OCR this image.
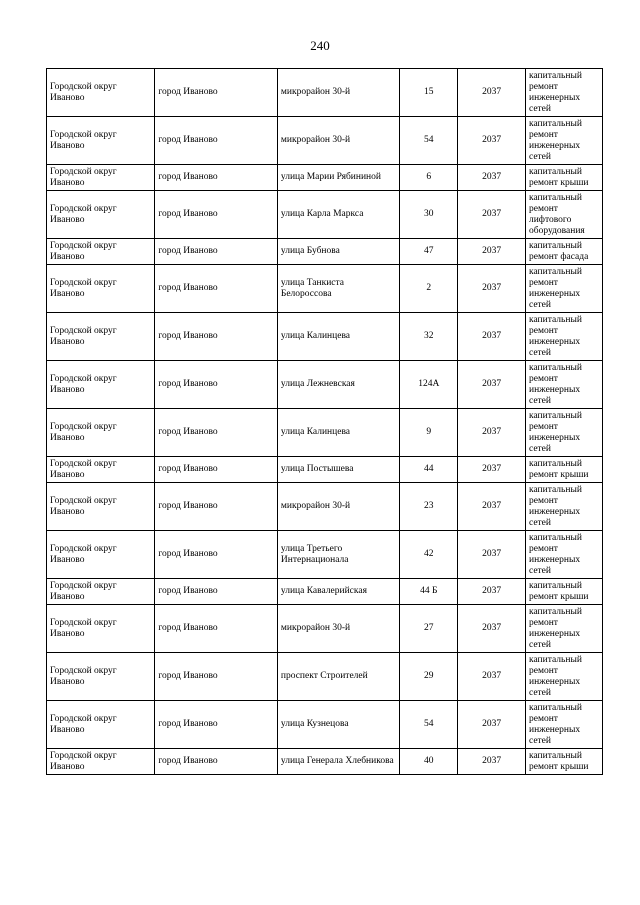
240
Городской округ Иваново	город Иваново	микрорайон 30-й	15	2037	капитальный ремонт инженерных сетей
Городской округ Иваново	город Иваново	микрорайон 30-й	54	2037	капитальный ремонт инженерных сетей
Городской округ Иваново	город Иваново	улица Марии Рябининой	6	2037	капитальный ремонт крыши
Городской округ Иваново	город Иваново	улица Карла Маркса	30	2037	капитальный ремонт лифтового оборудования
Городской округ Иваново	город Иваново	улица Бубнова	47	2037	капитальный ремонт фасада
Городской округ Иваново	город Иваново	улица Танкиста Белороссова	2	2037	капитальный ремонт инженерных сетей
Городской округ Иваново	город Иваново	улица Калинцева	32	2037	капитальный ремонт инженерных сетей
Городской округ Иваново	город Иваново	улица Лежневская	124А	2037	капитальный ремонт инженерных сетей
Городской округ Иваново	город Иваново	улица Калинцева	9	2037	капитальный ремонт инженерных сетей
Городской округ Иваново	город Иваново	улица Постышева	44	2037	капитальный ремонт крыши
Городской округ Иваново	город Иваново	микрорайон 30-й	23	2037	капитальный ремонт инженерных сетей
Городской округ Иваново	город Иваново	улица Третьего Интернационала	42	2037	капитальный ремонт инженерных сетей
Городской округ Иваново	город Иваново	улица Кавалерийская	44 Б	2037	капитальный ремонт крыши
Городской округ Иваново	город Иваново	микрорайон 30-й	27	2037	капитальный ремонт инженерных сетей
Городской округ Иваново	город Иваново	проспект Строителей	29	2037	капитальный ремонт инженерных сетей
Городской округ Иваново	город Иваново	улица Кузнецова	54	2037	капитальный ремонт инженерных сетей
Городской округ Иваново	город Иваново	улица Генерала Хлебникова	40	2037	капитальный ремонт крыши
